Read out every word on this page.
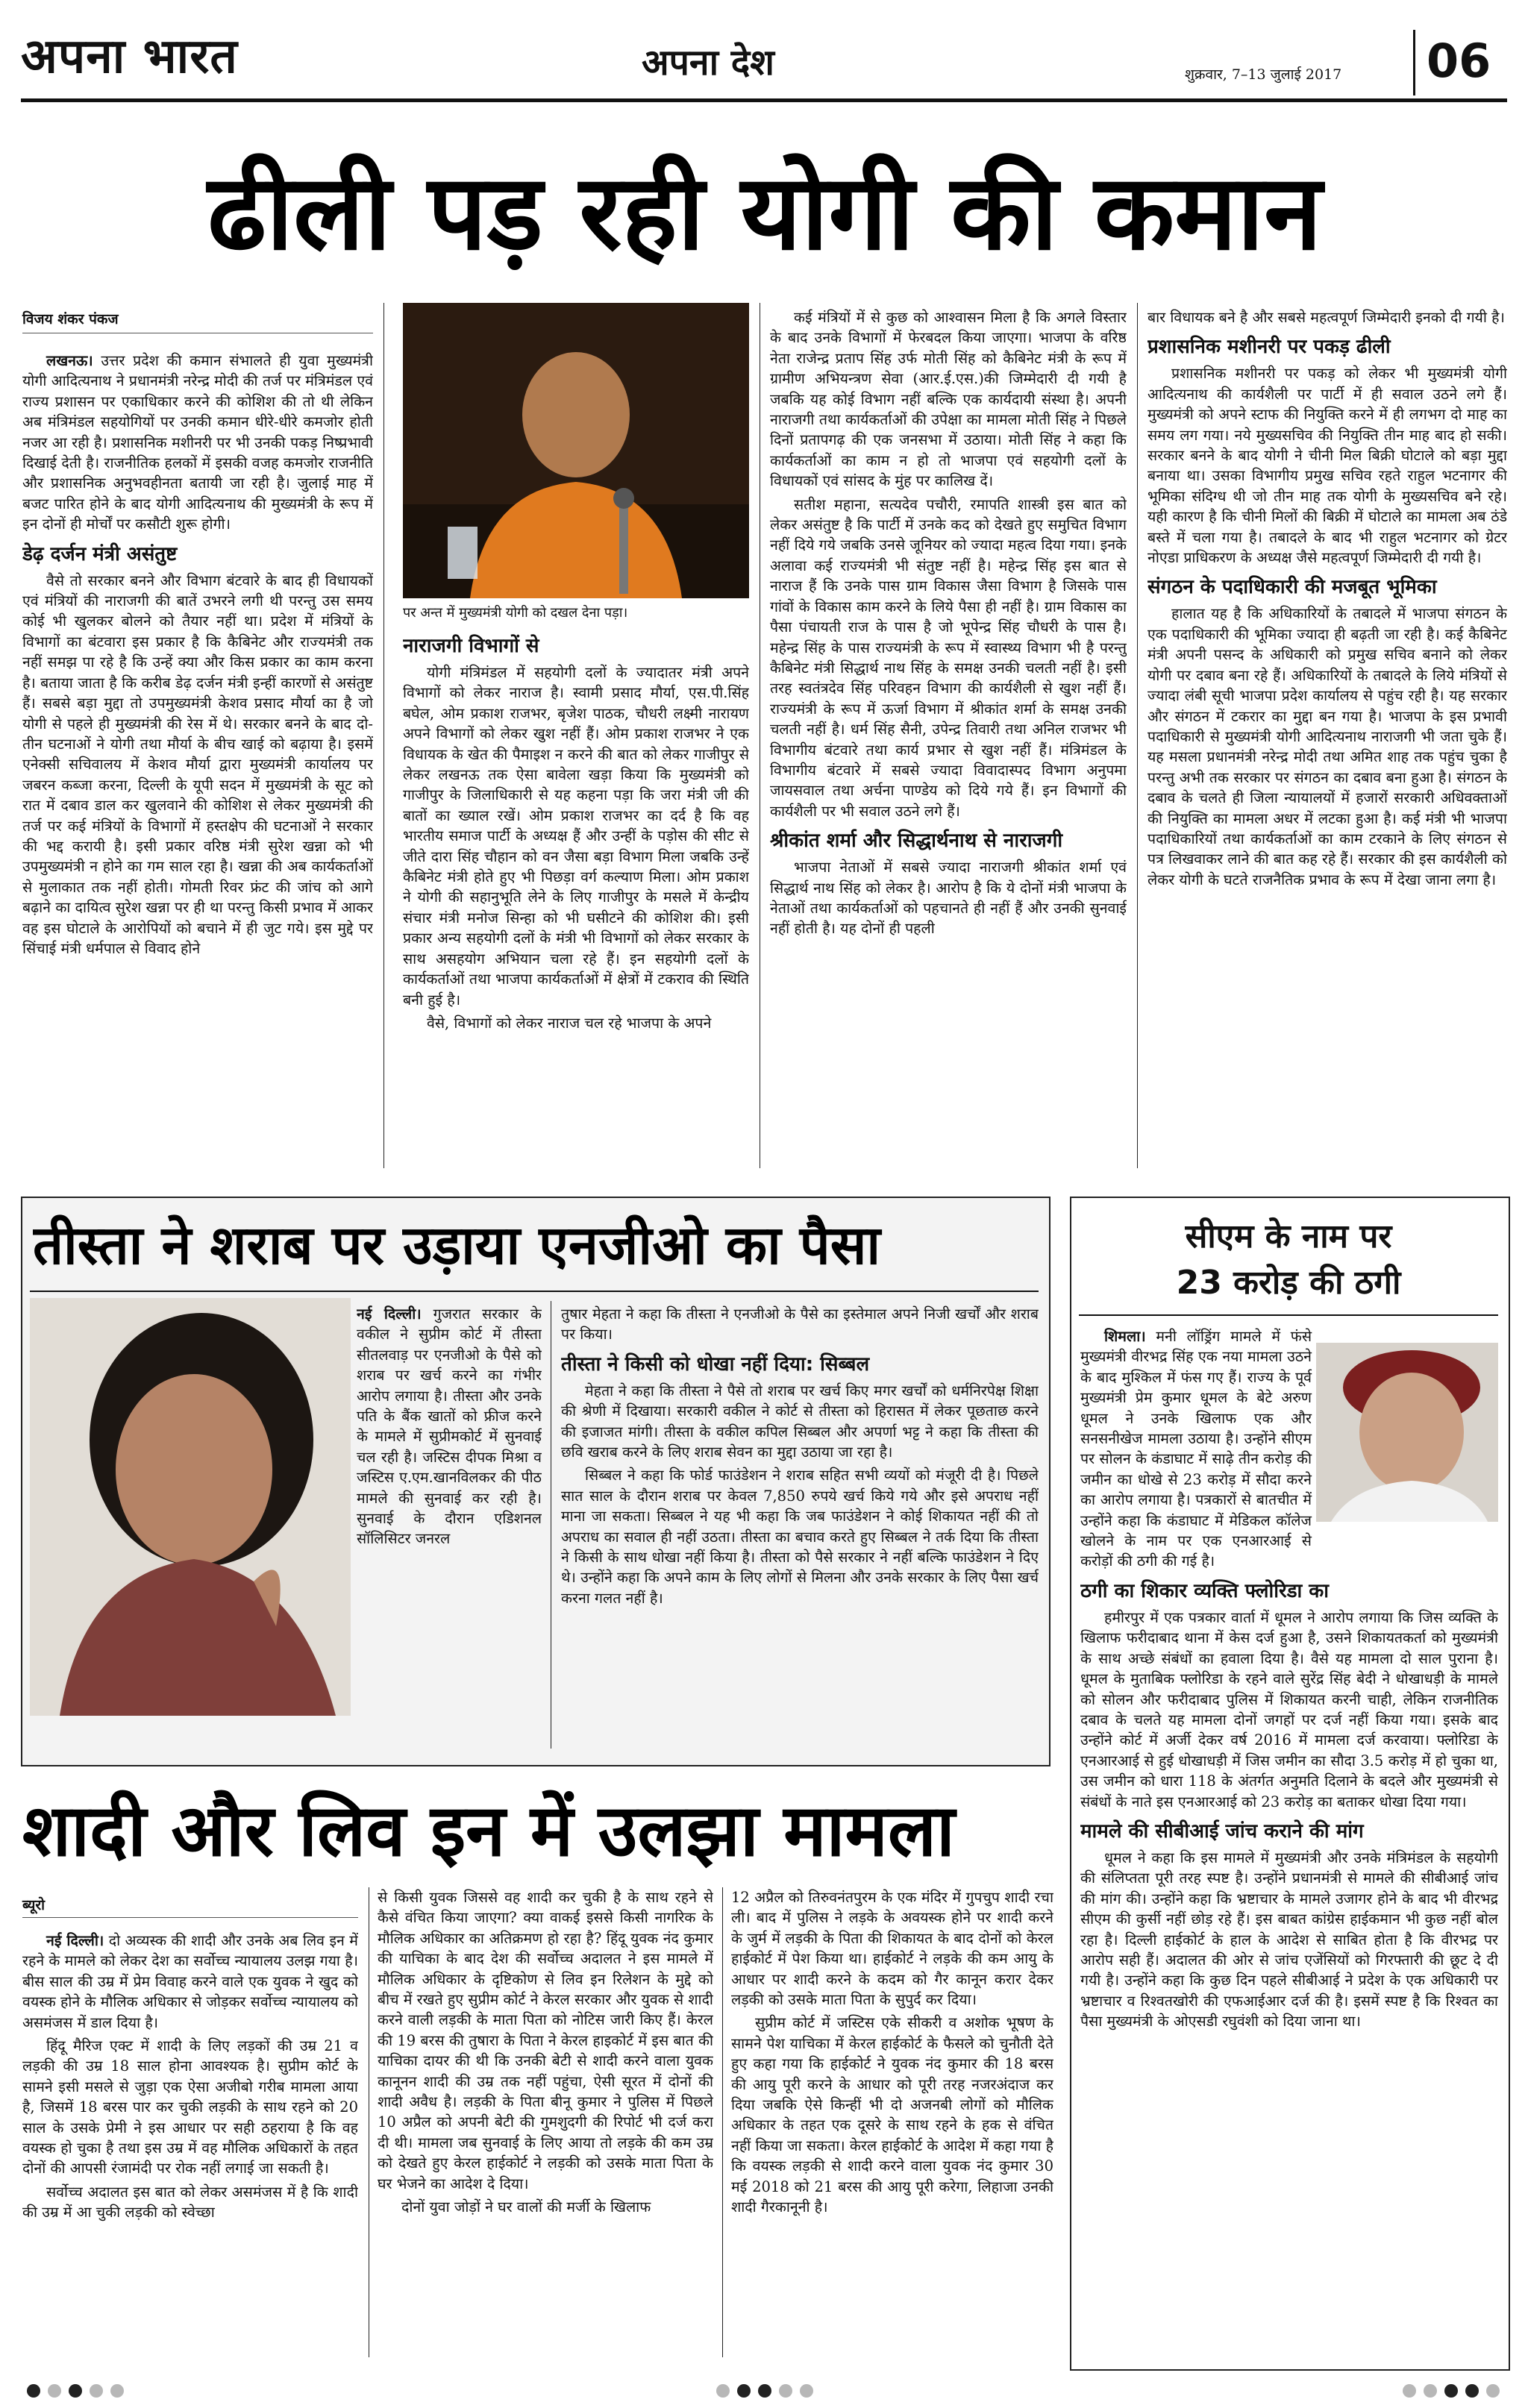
अपना भारत	अपना देश	शुक्रवार, 7–13 जुलाई 2017 06
ढीली पड़ रही योगी की कमान
विजय शंकर पंकज

लखनऊ। उत्तर प्रदेश की कमान संभालते ही युवा मुख्यमंत्री योगी आदित्यनाथ ने प्रधानमंत्री नरेन्द्र मोदी की तर्ज पर मंत्रिमंडल एवं राज्य प्रशासन पर एकाधिकार करने की कोशिश की तो थी लेकिन अब मंत्रिमंडल सहयोगियों पर उनकी कमान धीरे-धीरे कमजोर होती नजर आ रही है। प्रशासनिक मशीनरी पर भी उनकी पकड़ निष्प्रभावी दिखाई देती है। राजनीतिक हलकों में इसकी वजह कमजोर राजनीति और प्रशासनिक अनुभवहीनता बतायी जा रही है। जुलाई माह में बजट पारित होने के बाद योगी आदित्यनाथ की मुख्यमंत्री के रूप में इन दोनों ही मोर्चों पर कसौटी शुरू होगी।

डेढ़ दर्जन मंत्री असंतुष्ट

वैसे तो सरकार बनने और विभाग बंटवारे के बाद ही विधायकों एवं मंत्रियों की नाराजगी की बातें उभरने लगी थी परन्तु उस समय कोई भी खुलकर बोलने को तैयार नहीं था। प्रदेश में मंत्रियों के विभागों का बंटवारा इस प्रकार है कि कैबिनेट और राज्यमंत्री तक नहीं समझ पा रहे है कि उन्हें क्या और किस प्रकार का काम करना है। बताया जाता है कि करीब डेढ़ दर्जन मंत्री इन्हीं कारणों से असंतुष्ट हैं। सबसे बड़ा मुद्दा तो उपमुख्यमंत्री केशव प्रसाद मौर्या का है जो योगी से पहले ही मुख्यमंत्री की रेस में थे। सरकार बनने के बाद दो-तीन घटनाओं ने योगी तथा मौर्या के बीच खाई को बढ़ाया है। इसमें एनेक्सी सचिवालय में केशव मौर्या द्वारा मुख्यमंत्री कार्यालय पर जबरन कब्जा करना, दिल्ली के यूपी सदन में मुख्यमंत्री के सूट को रात में दबाव डाल कर खुलवाने की कोशिश से लेकर मुख्यमंत्री की तर्ज पर कई मंत्रियों के विभागों में हस्तक्षेप की घटनाओं ने सरकार की भद्द करायी है। इसी प्रकार वरिष्ठ मंत्री सुरेश खन्ना को भी उपमुख्यमंत्री न होने का गम साल रहा है। खन्ना की अब कार्यकर्ताओं से मुलाकात तक नहीं होती। गोमती रिवर फ्रंट की जांच को आगे बढ़ाने का दायित्व सुरेश खन्ना पर ही था परन्तु किसी प्रभाव में आकर वह इस घोटाले के आरोपियों को बचाने में ही जुट गये। इस मुद्दे पर सिंचाई मंत्री धर्मपाल से विवाद होने

पर अन्त में मुख्यमंत्री योगी को दखल देना पड़ा।
नाराजगी विभागों से

योगी मंत्रिमंडल में सहयोगी दलों के ज्यादातर मंत्री अपने विभागों को लेकर नाराज है। स्वामी प्रसाद मौर्या, एस.पी.सिंह बघेल, ओम प्रकाश राजभर, बृजेश पाठक, चौधरी लक्ष्मी नारायण अपने विभागों को लेकर खुश नहीं हैं। ओम प्रकाश राजभर ने एक विधायक के खेत की पैमाइश न करने की बात को लेकर गाजीपुर से लेकर लखनऊ तक ऐसा बावेला खड़ा किया कि मुख्यमंत्री को गाजीपुर के जिलाधिकारी से यह कहना पड़ा कि जरा मंत्री जी की बातों का ख्याल रखें। ओम प्रकाश राजभर का दर्द है कि वह भारतीय समाज पार्टी के अध्यक्ष हैं और उन्हीं के पड़ोस की सीट से जीते दारा सिंह चौहान को वन जैसा बड़ा विभाग मिला जबकि उन्हें कैबिनेट मंत्री होते हुए भी पिछड़ा वर्ग कल्याण मिला। ओम प्रकाश ने योगी की सहानुभूति लेने के लिए गाजीपुर के मसले में केन्द्रीय संचार मंत्री मनोज सिन्हा को भी घसीटने की कोशिश की। इसी प्रकार अन्य सहयोगी दलों के मंत्री भी विभागों को लेकर सरकार के साथ असहयोग अभियान चला रहे हैं। इन सहयोगी दलों के कार्यकर्ताओं तथा भाजपा कार्यकर्ताओं में क्षेत्रों में टकराव की स्थिति बनी हुई है।

वैसे, विभागों को लेकर नाराज चल रहे भाजपा के अपने

कई मंत्रियों में से कुछ को आश्वासन मिला है कि अगले विस्तार के बाद उनके विभागों में फेरबदल किया जाएगा। भाजपा के वरिष्ठ नेता राजेन्द्र प्रताप सिंह उर्फ मोती सिंह को कैबिनेट मंत्री के रूप में ग्रामीण अभियन्त्रण सेवा (आर.ई.एस.)की जिम्मेदारी दी गयी है जबकि यह कोई विभाग नहीं बल्कि एक कार्यदायी संस्था है। अपनी नाराजगी तथा कार्यकर्ताओं की उपेक्षा का मामला मोती सिंह ने पिछले दिनों प्रतापगढ़ की एक जनसभा में उठाया। मोती सिंह ने कहा कि कार्यकर्ताओं का काम न हो तो भाजपा एवं सहयोगी दलों के विधायकों एवं सांसद के मुंह पर कालिख दें।

सतीश महाना, सत्यदेव पचौरी, रमापति शास्त्री इस बात को लेकर असंतुष्ट है कि पार्टी में उनके कद को देखते हुए समुचित विभाग नहीं दिये गये जबकि उनसे जूनियर को ज्यादा महत्व दिया गया। इनके अलावा कई राज्यमंत्री भी संतुष्ट नहीं है। महेन्द्र सिंह इस बात से नाराज हैं कि उनके पास ग्राम विकास जैसा विभाग है जिसके पास गांवों के विकास काम करने के लिये पैसा ही नहीं है। ग्राम विकास का पैसा पंचायती राज के पास है जो भूपेन्द्र सिंह चौधरी के पास है। महेन्द्र सिंह के पास राज्यमंत्री के रूप में स्वास्थ्य विभाग भी है परन्तु कैबिनेट मंत्री सिद्धार्थ नाथ सिंह के समक्ष उनकी चलती नहीं है। इसी तरह स्वतंत्रदेव सिंह परिवहन विभाग की कार्यशैली से खुश नहीं हैं। राज्यमंत्री के रूप में ऊर्जा विभाग में श्रीकांत शर्मा के समक्ष उनकी चलती नहीं है। धर्म सिंह सैनी, उपेन्द्र तिवारी तथा अनिल राजभर भी विभागीय बंटवारे तथा कार्य प्रभार से खुश नहीं हैं। मंत्रिमंडल के विभागीय बंटवारे में सबसे ज्यादा विवादास्पद विभाग अनुपमा जायसवाल तथा अर्चना पाण्डेय को दिये गये हैं। इन विभागों की कार्यशैली पर भी सवाल उठने लगे हैं।

श्रीकांत शर्मा और सिद्धार्थनाथ से नाराजगी

भाजपा नेताओं में सबसे ज्यादा नाराजगी श्रीकांत शर्मा एवं सिद्धार्थ नाथ सिंह को लेकर है। आरोप है कि ये दोनों मंत्री भाजपा के नेताओं तथा कार्यकर्ताओं को पहचानते ही नहीं हैं और उनकी सुनवाई नहीं होती है। यह दोनों ही पहली

बार विधायक बने है और सबसे महत्वपूर्ण जिम्मेदारी इनको दी गयी है।

प्रशासनिक मशीनरी पर पकड़ ढीली

प्रशासनिक मशीनरी पर पकड़ को लेकर भी मुख्यमंत्री योगी आदित्यनाथ की कार्यशैली पर पार्टी में ही सवाल उठने लगे हैं। मुख्यमंत्री को अपने स्टाफ की नियुक्ति करने में ही लगभग दो माह का समय लग गया। नये मुख्यसचिव की नियुक्ति तीन माह बाद हो सकी। सरकार बनने के बाद योगी ने चीनी मिल बिक्री घोटाले को बड़ा मुद्दा बनाया था। उसका विभागीय प्रमुख सचिव रहते राहुल भटनागर की भूमिका संदिग्ध थी जो तीन माह तक योगी के मुख्यसचिव बने रहे। यही कारण है कि चीनी मिलों की बिक्री में घोटाले का मामला अब ठंडे बस्ते में चला गया है। तबादले के बाद भी राहुल भटनागर को ग्रेटर नोएडा प्राधिकरण के अध्यक्ष जैसे महत्वपूर्ण जिम्मेदारी दी गयी है।

संगठन के पदाधिकारी की मजबूत भूमिका

हालात यह है कि अधिकारियों के तबादले में भाजपा संगठन के एक पदाधिकारी की भूमिका ज्यादा ही बढ़ती जा रही है। कई कैबिनेट मंत्री अपनी पसन्द के अधिकारी को प्रमुख सचिव बनाने को लेकर योगी पर दबाव बना रहे हैं। अधिकारियों के तबादले के लिये मंत्रियों से ज्यादा लंबी सूची भाजपा प्रदेश कार्यालय से पहुंच रही है। यह सरकार और संगठन में टकरार का मुद्दा बन गया है। भाजपा के इस प्रभावी पदाधिकारी से मुख्यमंत्री योगी आदित्यनाथ नाराजगी भी जता चुके हैं। यह मसला प्रधानमंत्री नरेन्द्र मोदी तथा अमित शाह तक पहुंच चुका है परन्तु अभी तक सरकार पर संगठन का दबाव बना हुआ है। संगठन के दबाव के चलते ही जिला न्यायालयों में हजारों सरकारी अधिवक्ताओं की नियुक्ति का मामला अधर में लटका हुआ है। कई मंत्री भी भाजपा पदाधिकारियों तथा कार्यकर्ताओं का काम टरकाने के लिए संगठन से पत्र लिखवाकर लाने की बात कह रहे हैं। सरकार की इस कार्यशैली को लेकर योगी के घटते राजनैतिक प्रभाव के रूप में देखा जाना लगा है।

तीस्ता ने शराब पर उड़ाया एनजीओ का पैसा

नई दिल्ली। गुजरात सरकार के वकील ने सुप्रीम कोर्ट में तीस्ता सीतलवाड़ पर एनजीओ के पैसे को शराब पर खर्च करने का गंभीर आरोप लगाया है। तीस्ता और उनके पति के बैंक खातों को फ्रीज करने के मामले में सुप्रीमकोर्ट में सुनवाई चल रही है। जस्टिस दीपक मिश्रा व जस्टिस ए.एम.खानविलकर की पीठ मामले की सुनवाई कर रही है। सुनवाई के दौरान एडिशनल सॉलिसिटर जनरल

तुषार मेहता ने कहा कि तीस्ता ने एनजीओ के पैसे का इस्तेमाल अपने निजी खर्चों और शराब पर किया।

तीस्ता ने किसी को धोखा नहीं दिया: सिब्बल

मेहता ने कहा कि तीस्ता ने पैसे तो शराब पर खर्च किए मगर खर्चों को धर्मनिरपेक्ष शिक्षा की श्रेणी में दिखाया। सरकारी वकील ने कोर्ट से तीस्ता को हिरासत में लेकर पूछताछ करने की इजाजत मांगी। तीस्ता के वकील कपिल सिब्बल और अपर्णा भट्ट ने कहा कि तीस्ता की छवि खराब करने के लिए शराब सेवन का मुद्दा उठाया जा रहा है।

सिब्बल ने कहा कि फोर्ड फाउंडेशन ने शराब सहित सभी व्ययों को मंजूरी दी है। पिछले सात साल के दौरान शराब पर केवल 7,850 रुपये खर्च किये गये और इसे अपराध नहीं माना जा सकता। सिब्बल ने यह भी कहा कि जब फाउंडेशन ने कोई शिकायत नहीं की तो अपराध का सवाल ही नहीं उठता। तीस्ता का बचाव करते हुए सिब्बल ने तर्क दिया कि तीस्ता ने किसी के साथ धोखा नहीं किया है। तीस्ता को पैसे सरकार ने नहीं बल्कि फाउंडेशन ने दिए थे। उन्होंने कहा कि अपने काम के लिए लोगों से मिलना और उनके सरकार के लिए पैसा खर्च करना गलत नहीं है।

सीएम के नाम पर
23 करोड़ की ठगी

शिमला। मनी लॉड्रिंग मामले में फंसे मुख्यमंत्री वीरभद्र सिंह एक नया मामला उठने के बाद मुश्किल में फंस गए हैं। राज्य के पूर्व मुख्यमंत्री प्रेम कुमार धूमल के बेटे अरुण धूमल ने उनके खिलाफ एक और सनसनीखेज मामला उठाया है। उन्होंने सीएम पर सोलन के कंडाघाट में साढ़े तीन करोड़ की जमीन का धोखे से 23 करोड़ में सौदा करने का आरोप लगाया है। पत्रकारों से बातचीत में उन्होंने कहा कि कंडाघाट में मेडिकल कॉलेज खोलने के नाम पर एक एनआरआई से करोड़ों की ठगी की गई है।

ठगी का शिकार व्यक्ति फ्लोरिडा का

हमीरपुर में एक पत्रकार वार्ता में धूमल ने आरोप लगाया कि जिस व्यक्ति के खिलाफ फरीदाबाद थाना में केस दर्ज हुआ है, उसने शिकायतकर्ता को मुख्यमंत्री के साथ अच्छे संबंधों का हवाला दिया है। वैसे यह मामला दो साल पुराना है। धूमल के मुताबिक फ्लोरिडा के रहने वाले सुरेंद्र सिंह बेदी ने धोखाधड़ी के मामले को सोलन और फरीदाबाद पुलिस में शिकायत करनी चाही, लेकिन राजनीतिक दबाव के चलते यह मामला दोनों जगहों पर दर्ज नहीं किया गया। इसके बाद उन्होंने कोर्ट में अर्जी देकर वर्ष 2016 में मामला दर्ज करवाया। फ्लोरिडा के एनआरआई से हुई धोखाधड़ी में जिस जमीन का सौदा 3.5 करोड़ में हो चुका था, उस जमीन को धारा 118 के अंतर्गत अनुमति दिलाने के बदले और मुख्यमंत्री से संबंधों के नाते इस एनआरआई को 23 करोड़ का बताकर धोखा दिया गया।

मामले की सीबीआई जांच कराने की मांग

धूमल ने कहा कि इस मामले में मुख्यमंत्री और उनके मंत्रिमंडल के सहयोगी की संलिप्तता पूरी तरह स्पष्ट है। उन्होंने प्रधानमंत्री से मामले की सीबीआई जांच की मांग की। उन्होंने कहा कि भ्रष्टाचार के मामले उजागर होने के बाद भी वीरभद्र सीएम की कुर्सी नहीं छोड़ रहे हैं। इस बाबत कांग्रेस हाईकमान भी कुछ नहीं बोल रहा है। दिल्ली हाईकोर्ट के हाल के आदेश से साबित होता है कि वीरभद्र पर आरोप सही हैं। अदालत की ओर से जांच एजेंसियों को गिरफ्तारी की छूट दे दी गयी है। उन्होंने कहा कि कुछ दिन पहले सीबीआई ने प्रदेश के एक अधिकारी पर भ्रष्टाचार व रिश्वतखोरी की एफआईआर दर्ज की है। इसमें स्पष्ट है कि रिश्वत का पैसा मुख्यमंत्री के ओएसडी रघुवंशी को दिया जाना था।

शादी और लिव इन में उलझा मामला
ब्यूरो

नई दिल्ली। दो अव्यस्क की शादी और उनके अब लिव इन में रहने के मामले को लेकर देश का सर्वोच्च न्यायालय उलझ गया है। बीस साल की उम्र में प्रेम विवाह करने वाले एक युवक ने खुद को वयस्क होने के मौलिक अधिकार से जोड़कर सर्वोच्च न्यायालय को असमंजस में डाल दिया है।

हिंदू मैरिज एक्ट में शादी के लिए लड़कों की उम्र 21 व लड़की की उम्र 18 साल होना आवश्यक है। सुप्रीम कोर्ट के सामने इसी मसले से जुड़ा एक ऐसा अजीबो गरीब मामला आया है, जिसमें 18 बरस पार कर चुकी लड़की के साथ रहने को 20 साल के उसके प्रेमी ने इस आधार पर सही ठहराया है कि वह वयस्क हो चुका है तथा इस उम्र में वह मौलिक अधिकारों के तहत दोनों की आपसी रंजामंदी पर रोक नहीं लगाई जा सकती है।

सर्वोच्च अदालत इस बात को लेकर असमंजस में है कि शादी की उम्र में आ चुकी लड़की को स्वेच्छा

से किसी युवक जिससे वह शादी कर चुकी है के साथ रहने से कैसे वंचित किया जाएगा? क्या वाकई इससे किसी नागरिक के मौलिक अधिकार का अतिक्रमण हो रहा है? हिंदू युवक नंद कुमार की याचिका के बाद देश की सर्वोच्च अदालत ने इस मामले में मौलिक अधिकार के दृष्टिकोण से लिव इन रिलेशन के मुद्दे को बीच में रखते हुए सुप्रीम कोर्ट ने केरल सरकार और युवक से शादी करने वाली लड़की के माता पिता को नोटिस जारी किए हैं। केरल की 19 बरस की तुषारा के पिता ने केरल हाइकोर्ट में इस बात की याचिका दायर की थी कि उनकी बेटी से शादी करने वाला युवक कानूनन शादी की उम्र तक नहीं पहुंचा, ऐसी सूरत में दोनों की शादी अवैध है। लड़की के पिता बीनू कुमार ने पुलिस में पिछले 10 अप्रैल को अपनी बेटी की गुमशुदगी की रिपोर्ट भी दर्ज करा दी थी। मामला जब सुनवाई के लिए आया तो लड़के की कम उम्र को देखते हुए केरल हाईकोर्ट ने लड़की को उसके माता पिता के घर भेजने का आदेश दे दिया।

दोनों युवा जोड़ों ने घर वालों की मर्जी के खिलाफ

12 अप्रैल को तिरुवनंतपुरम के एक मंदिर में गुपचुप शादी रचा ली। बाद में पुलिस ने लड़के के अवयस्क होने पर शादी करने के जुर्म में लड़की के पिता की शिकायत के बाद दोनों को केरल हाईकोर्ट में पेश किया था। हाईकोर्ट ने लड़के की कम आयु के आधार पर शादी करने के कदम को गैर कानून करार देकर लड़की को उसके माता पिता के सुपुर्द कर दिया।

सुप्रीम कोर्ट में जस्टिस एके सीकरी व अशोक भूषण के सामने पेश याचिका में केरल हाईकोर्ट के फैसले को चुनौती देते हुए कहा गया कि हाईकोर्ट ने युवक नंद कुमार की 18 बरस की आयु पूरी करने के आधार को पूरी तरह नजरअंदाज कर दिया जबकि ऐसे किन्हीं भी दो अजनबी लोगों को मौलिक अधिकार के तहत एक दूसरे के साथ रहने के हक से वंचित नहीं किया जा सकता। केरल हाईकोर्ट के आदेश में कहा गया है कि वयस्क लड़की से शादी करने वाला युवक नंद कुमार 30 मई 2018 को 21 बरस की आयु पूरी करेगा, लिहाजा उनकी शादी गैरकानूनी है।
